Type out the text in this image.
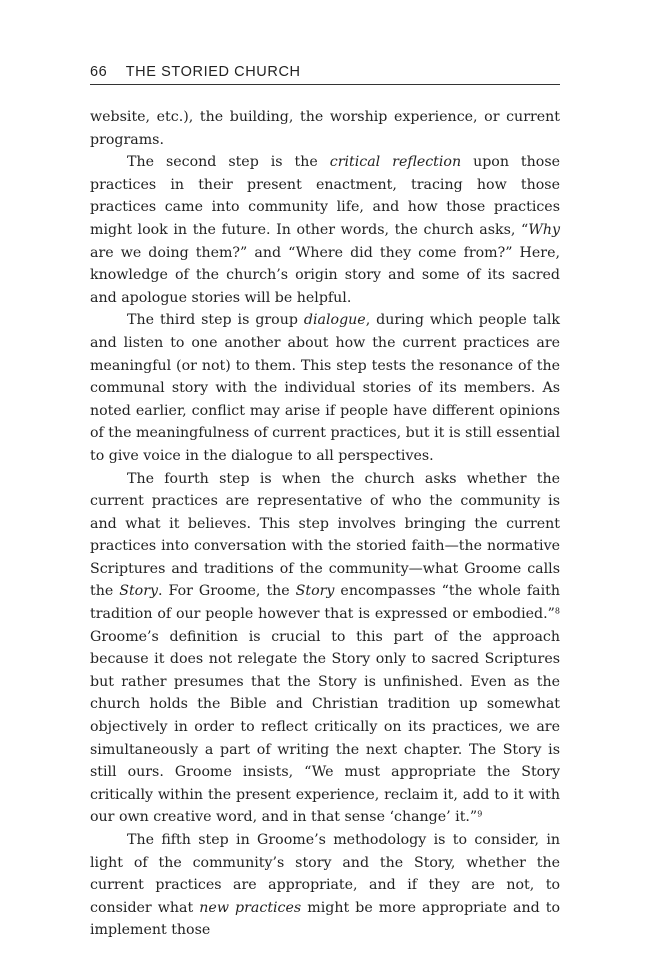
66 THE STORIED CHURCH

website, etc.), the building, the worship experience, or current programs.

The second step is the critical reflection upon those practices in their present enactment, tracing how those practices came into community life, and how those practices might look in the future. In other words, the church asks, “Why are we doing them?” and “Where did they come from?” Here, knowledge of the church’s origin story and some of its sacred and apologue stories will be helpful.

The third step is group dialogue, during which people talk and listen to one another about how the current practices are meaningful (or not) to them. This step tests the resonance of the communal story with the individual stories of its members. As noted earlier, conflict may arise if people have different opinions of the meaningfulness of current practices, but it is still essential to give voice in the dialogue to all perspectives.

The fourth step is when the church asks whether the current practices are representative of who the community is and what it believes. This step involves bringing the current practices into conversation with the storied faith—the normative Scriptures and traditions of the community—what Groome calls the Story. For Groome, the Story encompasses “the whole faith tradition of our people however that is expressed or embodied.”$^8$ Groome’s definition is crucial to this part of the approach because it does not relegate the Story only to sacred Scriptures but rather presumes that the Story is unfinished. Even as the church holds the Bible and Christian tradition up somewhat objectively in order to reflect critically on its practices, we are simultaneously a part of writing the next chapter. The Story is still ours. Groome insists, “We must appropriate the Story critically within the present experience, reclaim it, add to it with our own creative word, and in that sense ‘change’ it.”$^9$

The fifth step in Groome’s methodology is to consider, in light of the community’s story and the Story, whether the current practices are appropriate, and if they are not, to consider what new practices might be more appropriate and to implement those
